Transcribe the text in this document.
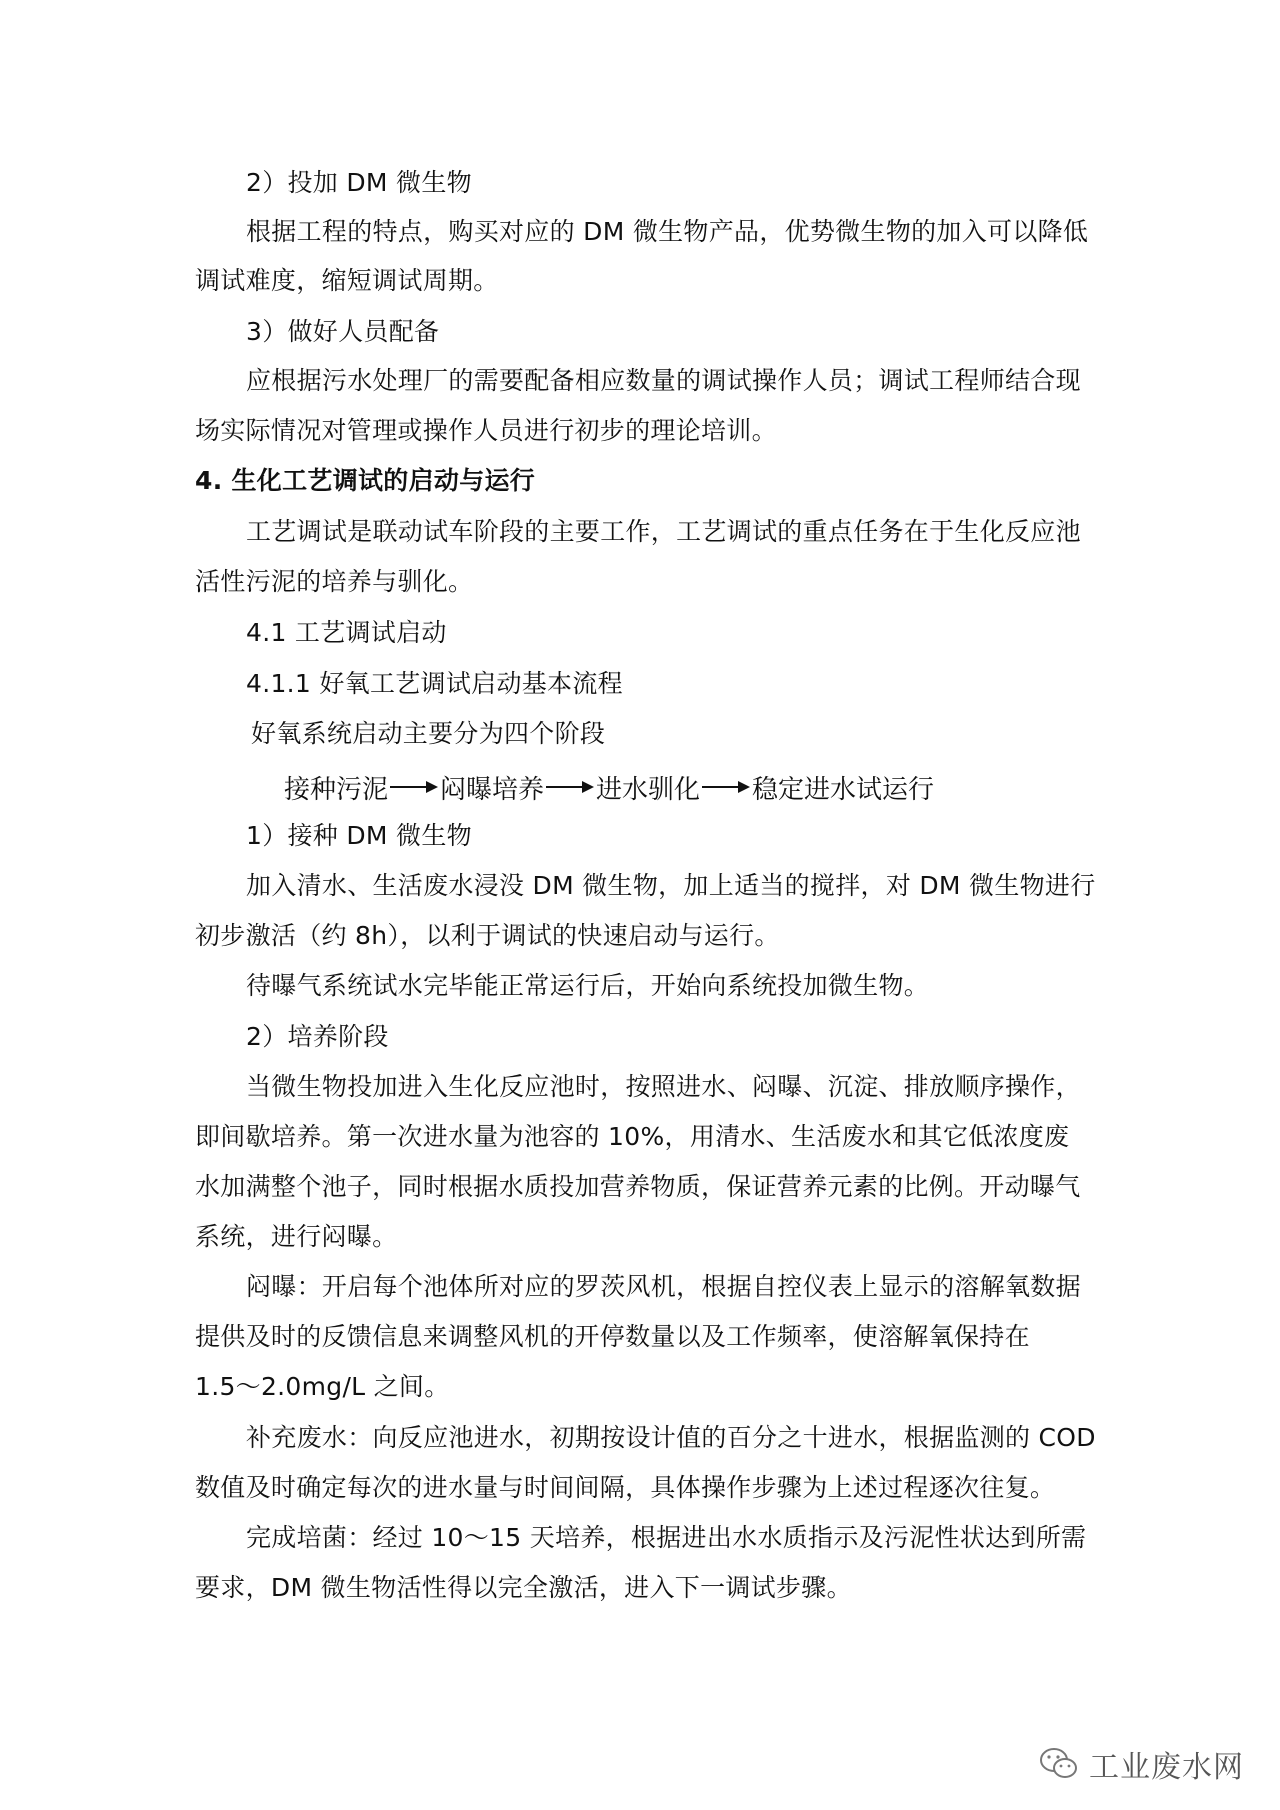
2）投加 DM 微生物
根据工程的特点，购买对应的 DM 微生物产品，优势微生物的加入可以降低
调试难度，缩短调试周期。
3）做好人员配备
应根据污水处理厂的需要配备相应数量的调试操作人员；调试工程师结合现
场实际情况对管理或操作人员进行初步的理论培训。
4. 生化工艺调试的启动与运行
工艺调试是联动试车阶段的主要工作，工艺调试的重点任务在于生化反应池
活性污泥的培养与驯化。
4.1 工艺调试启动
4.1.1 好氧工艺调试启动基本流程
好氧系统启动主要分为四个阶段
接种污泥 闷曝培养 进水驯化 稳定进水试运行
1）接种 DM 微生物
加入清水、生活废水浸没 DM 微生物，加上适当的搅拌，对 DM 微生物进行
初步激活（约 8h），以利于调试的快速启动与运行。
待曝气系统试水完毕能正常运行后，开始向系统投加微生物。
2）培养阶段
当微生物投加进入生化反应池时，按照进水、闷曝、沉淀、排放顺序操作，
即间歇培养。第一次进水量为池容的 10%，用清水、生活废水和其它低浓度废
水加满整个池子，同时根据水质投加营养物质，保证营养元素的比例。开动曝气
系统，进行闷曝。
闷曝：开启每个池体所对应的罗茨风机，根据自控仪表上显示的溶解氧数据
提供及时的反馈信息来调整风机的开停数量以及工作频率，使溶解氧保持在
1.5～2.0mg/L 之间。
补充废水：向反应池进水，初期按设计值的百分之十进水，根据监测的 COD
数值及时确定每次的进水量与时间间隔，具体操作步骤为上述过程逐次往复。
完成培菌：经过 10～15 天培养，根据进出水水质指示及污泥性状达到所需
要求，DM 微生物活性得以完全激活，进入下一调试步骤。
工业废水网
